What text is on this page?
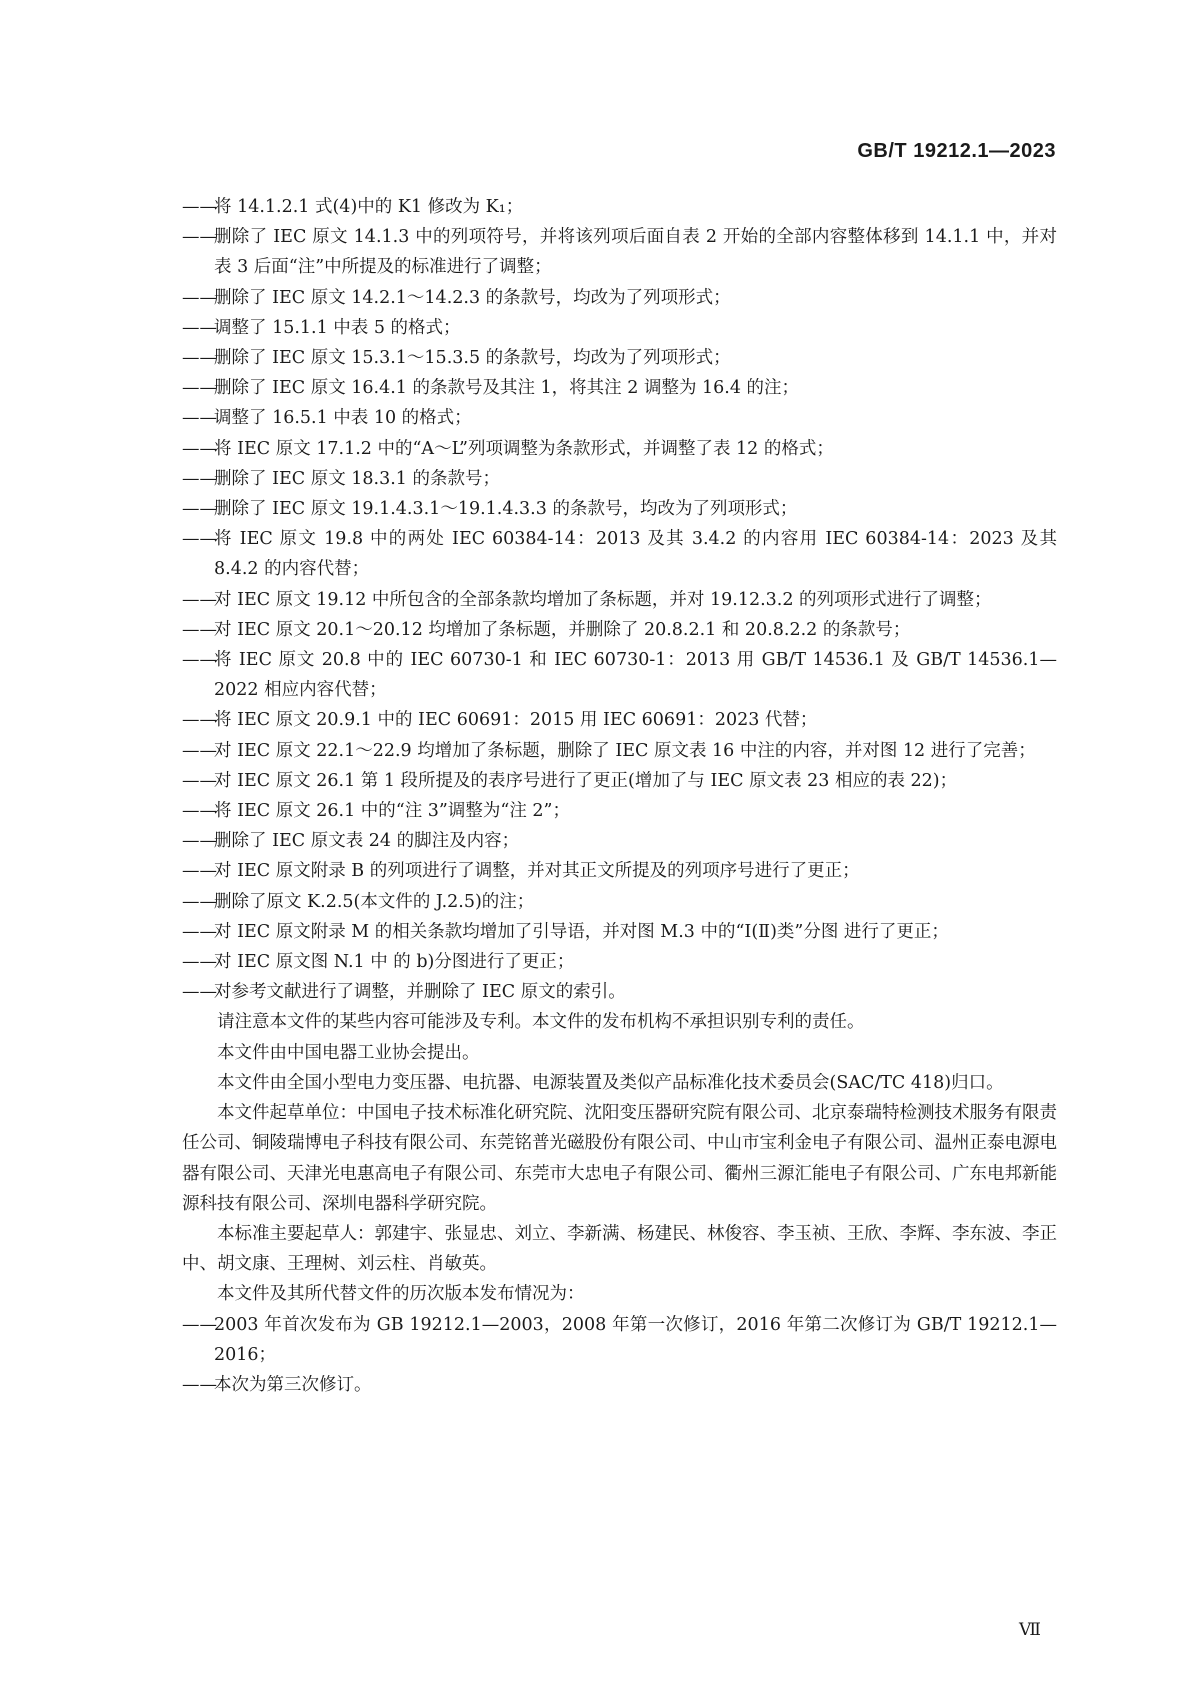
GB/T 19212.1—2023
——
将 14.1.2.1 式(4)中的 K1 修改为 K₁；
——
删除了 IEC 原文 14.1.3 中的列项符号，并将该列项后面自表 2 开始的全部内容整体移到 14.1.1 中，并对表 3 后面“注”中所提及的标准进行了调整；
——
删除了 IEC 原文 14.2.1～14.2.3 的条款号，均改为了列项形式；
——
调整了 15.1.1 中表 5 的格式；
——
删除了 IEC 原文 15.3.1～15.3.5 的条款号，均改为了列项形式；
——
删除了 IEC 原文 16.4.1 的条款号及其注 1，将其注 2 调整为 16.4 的注；
——
调整了 16.5.1 中表 10 的格式；
——
将 IEC 原文 17.1.2 中的“A～L”列项调整为条款形式，并调整了表 12 的格式；
——
删除了 IEC 原文 18.3.1 的条款号；
——
删除了 IEC 原文 19.1.4.3.1～19.1.4.3.3 的条款号，均改为了列项形式；
——
将 IEC 原文 19.8 中的两处 IEC 60384-14：2013 及其 3.4.2 的内容用 IEC 60384-14：2023 及其 8.4.2 的内容代替；
——
对 IEC 原文 19.12 中所包含的全部条款均增加了条标题，并对 19.12.3.2 的列项形式进行了调整；
——
对 IEC 原文 20.1～20.12 均增加了条标题，并删除了 20.8.2.1 和 20.8.2.2 的条款号；
——
将 IEC 原文 20.8 中的 IEC 60730-1 和 IEC 60730-1：2013 用 GB/T 14536.1 及 GB/T 14536.1—2022 相应内容代替；
——
将 IEC 原文 20.9.1 中的 IEC 60691：2015 用 IEC 60691：2023 代替；
——
对 IEC 原文 22.1～22.9 均增加了条标题，删除了 IEC 原文表 16 中注的内容，并对图 12 进行了完善；
——
对 IEC 原文 26.1 第 1 段所提及的表序号进行了更正(增加了与 IEC 原文表 23 相应的表 22)；
——
将 IEC 原文 26.1 中的“注 3”调整为“注 2”；
——
删除了 IEC 原文表 24 的脚注及内容；
——
对 IEC 原文附录 B 的列项进行了调整，并对其正文所提及的列项序号进行了更正；
——
删除了原文 K.2.5(本文件的 J.2.5)的注；
——
对 IEC 原文附录 M 的相关条款均增加了引导语，并对图 M.3 中的“Ⅰ(Ⅱ)类”分图 进行了更正；
——
对 IEC 原文图 N.1 中 的 b)分图进行了更正；
——
对参考文献进行了调整，并删除了 IEC 原文的索引。

请注意本文件的某些内容可能涉及专利。本文件的发布机构不承担识别专利的责任。

本文件由中国电器工业协会提出。

本文件由全国小型电力变压器、电抗器、电源装置及类似产品标准化技术委员会(SAC/TC 418)归口。

本文件起草单位：中国电子技术标准化研究院、沈阳变压器研究院有限公司、北京泰瑞特检测技术服务有限责任公司、铜陵瑞博电子科技有限公司、东莞铭普光磁股份有限公司、中山市宝利金电子有限公司、温州正泰电源电器有限公司、天津光电惠高电子有限公司、东莞市大忠电子有限公司、衢州三源汇能电子有限公司、广东电邦新能源科技有限公司、深圳电器科学研究院。

本标准主要起草人：郭建宇、张显忠、刘立、李新满、杨建民、林俊容、李玉祯、王欣、李辉、李东波、李正中、胡文康、王理树、刘云柱、肖敏英。

本文件及其所代替文件的历次版本发布情况为：

——
2003 年首次发布为 GB 19212.1—2003，2008 年第一次修订，2016 年第二次修订为 GB/T 19212.1—2016；
——
本次为第三次修订。
Ⅶ
